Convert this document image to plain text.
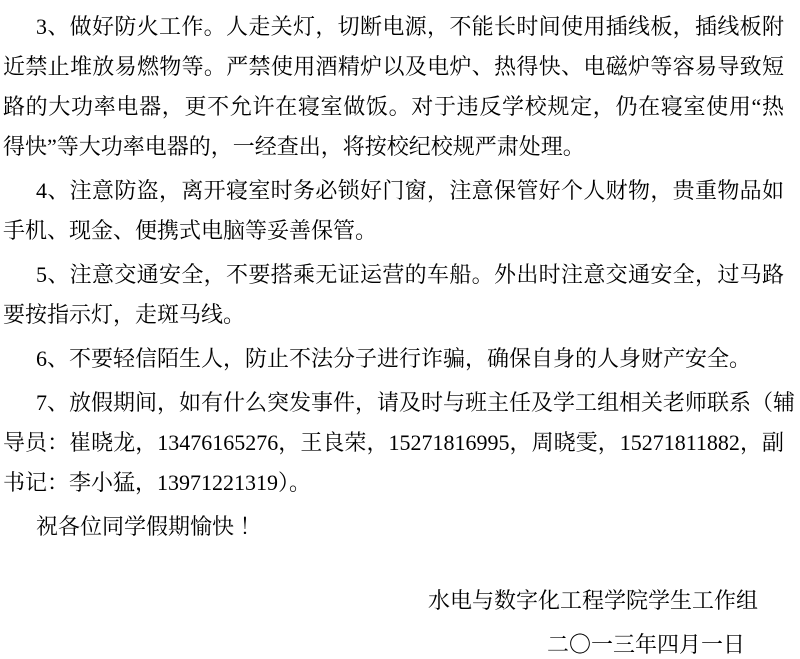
3、做好防火工作。人走关灯，切断电源，不能长时间使用插线板，插线板附
近禁止堆放易燃物等。严禁使用酒精炉以及电炉、热得快、电磁炉等容易导致短
路的大功率电器，更不允许在寝室做饭。对于违反学校规定，仍在寝室使用“热
得快”等大功率电器的，一经查出，将按校纪校规严肃处理。
4、注意防盗，离开寝室时务必锁好门窗，注意保管好个人财物，贵重物品如
手机、现金、便携式电脑等妥善保管。
5、注意交通安全，不要搭乘无证运营的车船。外出时注意交通安全，过马路
要按指示灯，走斑马线。
6、不要轻信陌生人，防止不法分子进行诈骗，确保自身的人身财产安全。
7、放假期间，如有什么突发事件，请及时与班主任及学工组相关老师联系（辅
导员：崔晓龙，13476165276，王良荣，15271816995，周晓雯，15271811882，副
书记：李小猛，13971221319）。
祝各位同学假期愉快 ！
水电与数字化工程学院学生工作组
二〇一三年四月一日
